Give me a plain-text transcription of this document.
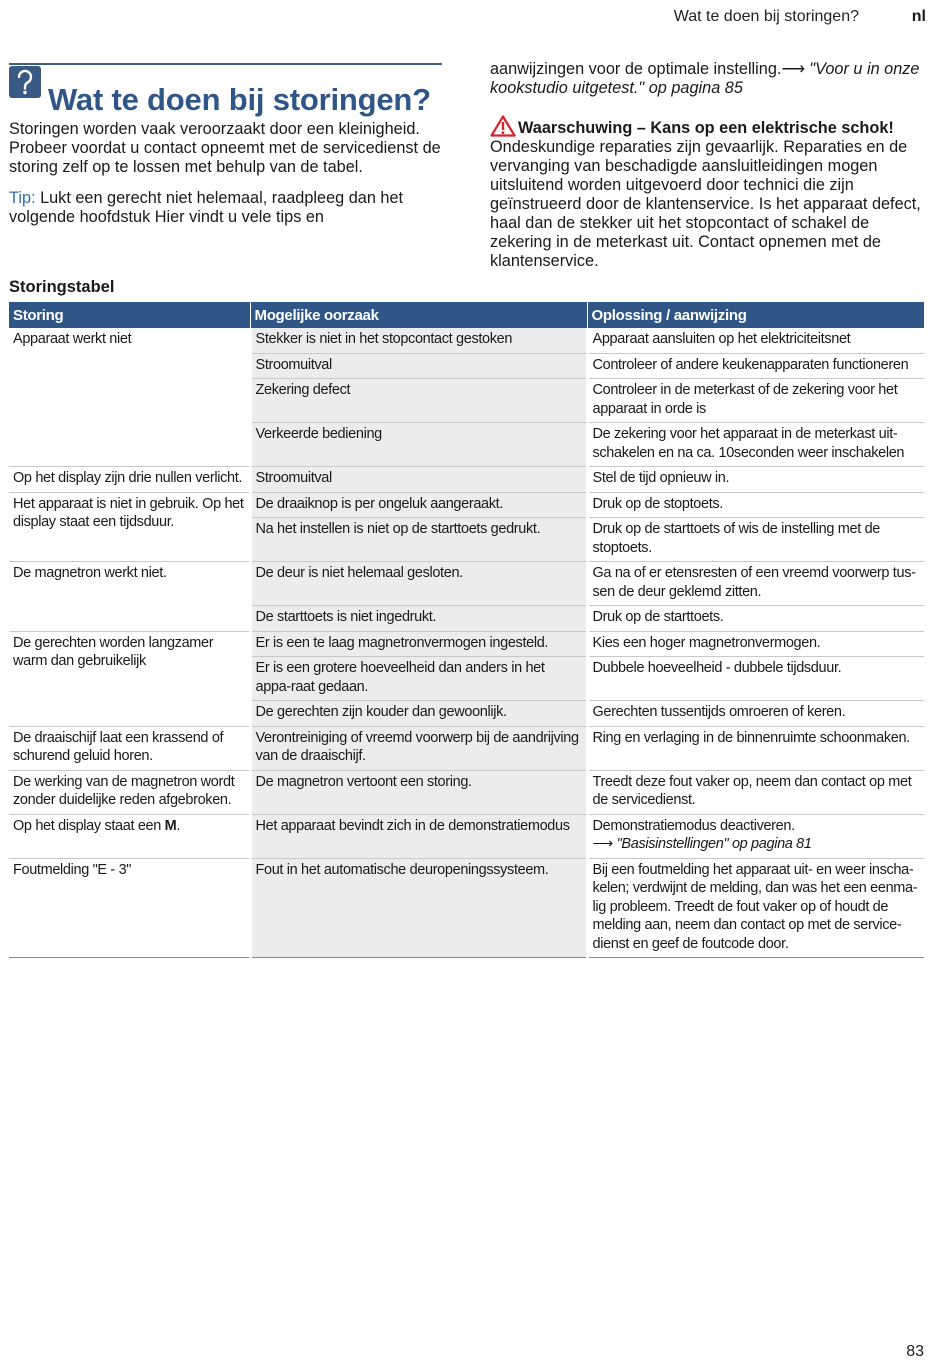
Wat te doen bij storingen?	nl
Wat te doen bij storingen?

Storingen worden vaak veroorzaakt door een kleinigheid. Probeer voordat u contact opneemt met de servicedienst de storing zelf op te lossen met behulp van de tabel.

Tip: Lukt een gerecht niet helemaal, raadpleeg dan het volgende hoofdstuk Hier vindt u vele tips en

aanwijzingen voor de optimale instelling.⟶ "Voor u in onze kookstudio uitgetest." op pagina 85

Waarschuwing – Kans op een elektrische schok!
Ondeskundige reparaties zijn gevaarlijk. Reparaties en de vervanging van beschadigde aansluitleidingen mogen uitsluitend worden uitgevoerd door technici die zijn geïnstrueerd door de klantenservice. Is het apparaat defect, haal dan de stekker uit het stopcontact of schakel de zekering in de meterkast uit. Contact opnemen met de klantenservice.

Storingstabel
Storing	Mogelijke oorzaak	Oplossing / aanwijzing
Apparaat werkt niet	Stekker is niet in het stopcontact gestoken	Apparaat aansluiten op het elektriciteitsnet
	Stroomuitval	Controleer of andere keukenapparaten functioneren
	Zekering defect	Controleer in de meterkast of de zekering voor het apparaat in orde is
	Verkeerde bediening	De zekering voor het apparaat in de meterkast uit-schakelen en na ca. 10seconden weer inschakelen
Op het display zijn drie nullen verlicht.	Stroomuitval	Stel de tijd opnieuw in.
Het apparaat is niet in gebruik. Op het display staat een tijdsduur.	De draaiknop is per ongeluk aangeraakt.	Druk op de stoptoets.
	Na het instellen is niet op de starttoets gedrukt.	Druk op de starttoets of wis de instelling met de stoptoets.
De magnetron werkt niet.	De deur is niet helemaal gesloten.	Ga na of er etensresten of een vreemd voorwerp tus-sen de deur geklemd zitten.
	De starttoets is niet ingedrukt.	Druk op de starttoets.
De gerechten worden langzamer warm dan gebruikelijk	Er is een te laag magnetronvermogen ingesteld.	Kies een hoger magnetronvermogen.
	Er is een grotere hoeveelheid dan anders in het appa-raat gedaan.	Dubbele hoeveelheid - dubbele tijdsduur.
	De gerechten zijn kouder dan gewoonlijk.	Gerechten tussentijds omroeren of keren.
De draaischijf laat een krassend of schurend geluid horen.	Verontreiniging of vreemd voorwerp bij de aandrijving van de draaischijf.	Ring en verlaging in de binnenruimte schoonmaken.
De werking van de magnetron wordt zonder duidelijke reden afgebroken.	De magnetron vertoont een storing.	Treedt deze fout vaker op, neem dan contact op met de servicedienst.
Op het display staat een M.	Het apparaat bevindt zich in de demonstratiemodus	Demonstratiemodus deactiveren.
⟶ "Basisinstellingen" op pagina 81
Foutmelding "E - 3"	Fout in het automatische deuropeningssysteem.	Bij een foutmelding het apparaat uit- en weer inscha-kelen; verdwijnt de melding, dan was het een eenma-lig probleem. Treedt de fout vaker op of houdt de melding aan, neem dan contact op met de service-dienst en geef de foutcode door.
83
